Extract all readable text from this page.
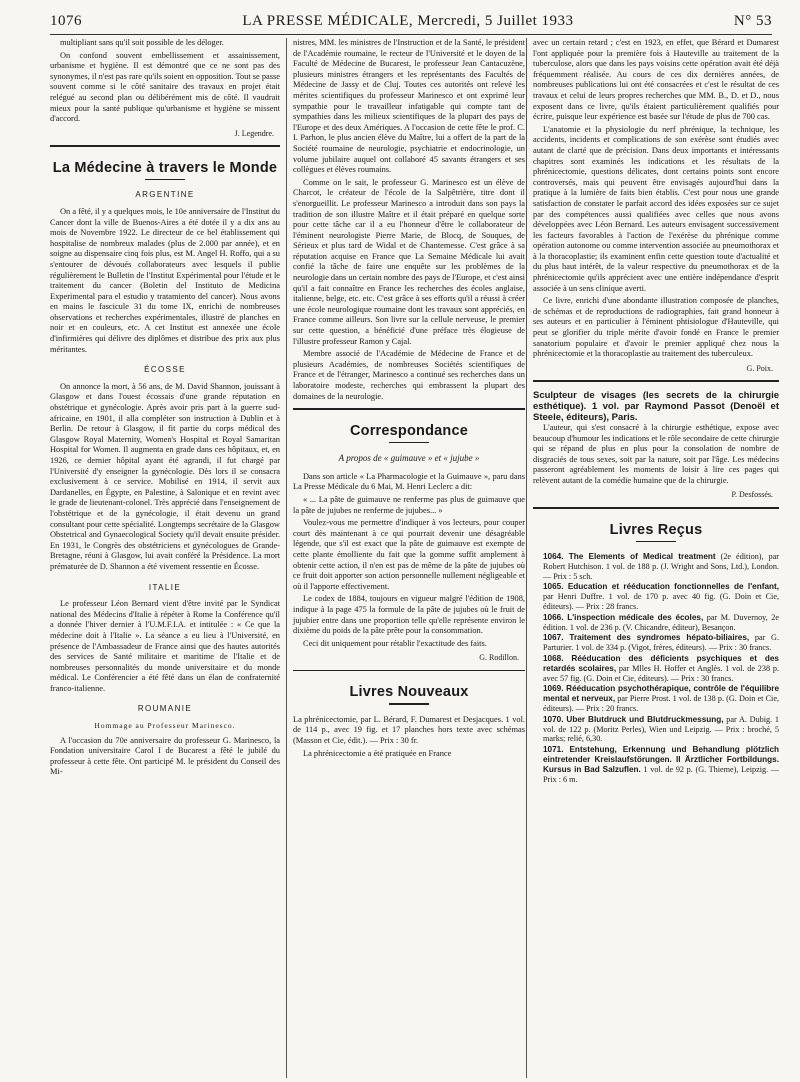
1076	LA PRESSE MÉDICALE, Mercredi, 5 Juillet 1933	N° 53

multipliant sans qu'il soit possible de les déloger.

On confond souvent embellissement et assainissement, urbanisme et hygiène. Il est démontré que ce ne sont pas des synonymes, il n'est pas rare qu'ils soient en opposition. Tout se passe souvent comme si le côté sanitaire des travaux en projet était relégué au second plan ou délibérément mis de côté. Il vaudrait mieux pour la santé publique qu'urbanisme et hygiène se missent d'accord.

J. Legendre.
La Médecine à travers le Monde
ARGENTINE

On a fêté, il y a quelques mois, le 10e anniversaire de l'Institut du Cancer dont la ville de Buenos-Aires a été dotée il y a dix ans au mois de Novembre 1922. Le directeur de ce bel établissement qui hospitalise de nombreux malades (plus de 2.000 par année), et en soigne au dispensaire cinq fois plus, est M. Angel H. Roffo, qui a su s'entourer de dévoués collaborateurs avec lesquels il publie régulièrement le Bulletin de l'Institut Expérimental pour l'étude et le traitement du cancer (Boletin del Instituto de Medicina Experimental para el estudio y tratamiento del cancer). Nous avons en mains le fascicule 31 du tome IX, enrichi de nombreuses observations et recherches expérimentales, illustré de planches en noir et en couleurs, etc. A cet Institut est annexée une école d'infirmières qui délivre des diplômes et distribue des prix aux plus méritantes.

ÉCOSSE

On annonce la mort, à 56 ans, de M. David Shannon, jouissant à Glasgow et dans l'ouest écossais d'une grande réputation en obstétrique et gynécologie. Après avoir pris part à la guerre sud-africaine, en 1901, il alla compléter son instruction à Dublin et à Berlin. De retour à Glasgow, il fit partie du corps médical des Glasgow Royal Maternity, Women's Hospital et Royal Samaritan Hospital for Women. Il augmenta en grade dans ces hôpitaux, et, en 1926, ce dernier hôpital ayant été agrandi, il fut chargé par l'Université d'y enseigner la gynécologie. Dès lors il se consacra exclusivement à ce service. Mobilisé en 1914, il servit aux Dardanelles, en Égypte, en Palestine, à Salonique et en revint avec le grade de lieutenant-colonel. Très apprécié dans l'enseignement de l'obstétrique et de la gynécologie, il était devenu un grand consultant pour cette spécialité. Longtemps secrétaire de la Glasgow Obstetrical and Gynaecological Society qu'il devait ensuite présider. En 1931, le Congrès des obstétriciens et gynécologues de Grande-Bretagne, réuni à Glasgow, lui avait conféré la Présidence. La mort prématurée de D. Shannon a été vivement ressentie en Écosse.

ITALIE

Le professeur Léon Bernard vient d'être invité par le Syndicat national des Médecins d'Italie à répéter à Rome la Conférence qu'il a donnée l'hiver dernier à l'U.M.F.I.A. et intitulée : « Ce que la médecine doit à l'Italie ». La séance a eu lieu à l'Université, en présence de l'Ambassadeur de France ainsi que des hautes autorités des services de Santé militaire et maritime de l'Italie et de nombreuses personnalités du monde universitaire et du monde médical. Le Conférencier a été fêté dans un élan de confraternité franco-italienne.

ROUMANIE
Hommage au Professeur Marinesco.

A l'occasion du 70e anniversaire du professeur G. Marinesco, la Fondation universitaire Carol I de Bucarest a fêté le jubilé du professeur à cette fête. Ont participé M. le président du Conseil des Mi-

nistres, MM. les ministres de l'Instruction et de la Santé, le président de l'Académie roumaine, le recteur de l'Université et le doyen de la Faculté de Médecine de Bucarest, le professeur Jean Cantacuzène, plusieurs ministres étrangers et les représentants des Facultés de Médecine de Jassy et de Cluj. Toutes ces autorités ont relevé les mérites scientifiques du professeur Marinesco et ont exprimé leur sympathie pour le travailleur infatigable qui compte tant de sympathies dans les milieux scientifiques de la plupart des pays de l'Europe et des deux Amériques. A l'occasion de cette fête le prof. C. I. Parhon, le plus ancien élève du Maître, lui a offert de la part de la Société roumaine de neurologie, psychiatrie et endocrinologie, un volume jubilaire auquel ont collaboré 45 savants étrangers et ses collègues et élèves roumains.

Comme on le sait, le professeur G. Marinesco est un élève de Charcot, le créateur de l'école de la Salpêtrière, titre dont il s'enorgueillit. Le professeur Marinesco a introduit dans son pays la tradition de son illustre Maître et il était préparé en quelque sorte pour cette tâche car il a eu l'honneur d'être le collaborateur de l'éminent neurologiste Pierre Marie, de Blocq, de Souques, de Sérieux et plus tard de Widal et de Chantemesse. C'est grâce à sa réputation acquise en France que La Semaine Médicale lui avait confié la tâche de faire une enquête sur les problèmes de la neurologie dans un certain nombre des pays de l'Europe, et c'est ainsi qu'il a fait connaître en France les recherches des écoles anglaise, italienne, belge, etc. etc. C'est grâce à ses efforts qu'il a réussi à créer une école neurologique roumaine dont les travaux sont appréciés, en France comme ailleurs. Son livre sur la cellule nerveuse, le premier sur cette question, a bénéficié d'une préface très élogieuse de l'illustre professeur Ramon y Cajal.

Membre associé de l'Académie de Médecine de France et de plusieurs Académies, de nombreuses Sociétés scientifiques de France et de l'étranger, Marinesco a continué ses recherches dans un laboratoire modeste, recherches qui embrassent la plupart des domaines de la neurologie.

Correspondance
A propos de « guimauve » et « jujube »

Dans son article « La Pharmacologie et la Guimauve », paru dans La Presse Médicale du 6 Mai, M. Henri Leclerc a dit:

« ... La pâte de guimauve ne renferme pas plus de guimauve que la pâte de jujubes ne renferme de jujubes... »

Voulez-vous me permettre d'indiquer à vos lecteurs, pour couper court dès maintenant à ce qui pourrait devenir une désagréable légende, que s'il est exact que la pâte de guimauve est exempte de cette plante émolliente du fait que la gomme suffit amplement à obtenir cette action, il n'en est pas de même de la pâte de jujubes où ce fruit doit apporter son action personnelle nullement négligeable et où il l'apporte effectivement.

Le codex de 1884, toujours en vigueur malgré l'édition de 1908, indique à la page 475 la formule de la pâte de jujubes où le fruit de jujubier entre dans une proportion telle qu'elle représente environ le dixième du poids de la pâte prête pour la consommation.

Ceci dit uniquement pour rétablir l'exactitude des faits.

G. Rodillon.
Livres Nouveaux

La phrénicectomie, par L. Bérard, F. Dumarest et Desjacques. 1 vol. de 114 p., avec 19 fig. et 17 planches hors texte avec schémas (Masson et Cie, édit.). — Prix : 30 fr.

La phrénicectomie a été pratiquée en France

avec un certain retard ; c'est en 1923, en effet, que Bérard et Dumarest l'ont appliquée pour la première fois à Hauteville au traitement de la tuberculose, alors que dans les pays voisins cette opération avait été déjà fréquemment réalisée. Au cours de ces dix dernières années, de nombreuses publications lui ont été consacrées et c'est le résultat de ces travaux et celui de leurs propres recherches que MM. B., D. et D., nous exposent dans ce livre, qu'ils étaient particulièrement qualifiés pour écrire, puisque leur expérience est basée sur l'étude de plus de 700 cas.

L'anatomie et la physiologie du nerf phrénique, la technique, les accidents, incidents et complications de son exérèse sont étudiés avec autant de clarté que de précision. Dans deux importants et intéressants chapitres sont examinés les indications et les résultats de la phrénicectomie, questions délicates, dont certains points sont encore controversés, mais qui peuvent être envisagés aujourd'hui dans la pratique à la lumière de faits bien établis. C'est pour nous une grande satisfaction de constater le parfait accord des idées exposées sur ce sujet par des compétences aussi qualifiées avec celles que nous avons développées avec Léon Bernard. Les auteurs envisagent successivement les facteurs favorables à l'action de l'exérèse du phrénique comme opération autonome ou comme intervention associée au pneumothorax et à la thoracoplastie; ils examinent enfin cette question toute d'actualité et du plus haut intérêt, de la valeur respective du pneumothorax et de la phrénicectomie qu'ils apprécient avec une entière indépendance d'esprit associée à un sens clinique averti.

Ce livre, enrichi d'une abondante illustration composée de planches, de schémas et de reproductions de radiographies, fait grand honneur à ses auteurs et en particulier à l'éminent phtisiologue d'Hauteville, qui peut se glorifier du triple mérite d'avoir fondé en France le premier sanatorium populaire et d'avoir le premier appliqué chez nous la phrénicectomie et la thoracoplastie au traitement des tuberculeux.

G. Poix.
Sculpteur de visages (les secrets de la chirurgie esthétique). 1 vol. par Raymond Passot (Denoël et Steele, éditeurs), Paris.

L'auteur, qui s'est consacré à la chirurgie esthétique, expose avec beaucoup d'humour les indications et le rôle secondaire de cette chirurgie qui se répand de plus en plus pour la consolation de nombre de disgraciés de tous sexes, soit par la nature, soit par l'âge. Les médecins passeront agréablement les moments de loisir à lire ces pages qui relèvent autant de la comédie humaine que de la chirurgie.

P. Desfossés.
Livres Reçus
1064. The Elements of Medical treatment (2e édition), par Robert Hutchison. 1 vol. de 188 p. (J. Wright and Sons, Ltd.), London. — Prix : 5 sch.
1065. Education et rééducation fonctionnelles de l'enfant, par Henri Duffre. 1 vol. de 170 p. avec 40 fig. (G. Doin et Cie, éditeurs). — Prix : 28 francs.
1066. L'inspection médicale des écoles, par M. Duvernoy, 2e édition. 1 vol. de 236 p. (V. Chicandre, éditeur), Besançon.
1067. Traitement des syndromes hépato-biliaires, par G. Parturier. 1 vol. de 334 p. (Vigot, frères, éditeurs). — Prix : 30 francs.
1068. Rééducation des déficients psychiques et des retardés scolaires, par Mlles H. Hoffer et Anglès. 1 vol. de 238 p. avec 57 fig. (G. Doin et Cie, éditeurs). — Prix : 30 francs.
1069. Rééducation psychothérapique, contrôle de l'équilibre mental et nerveux, par Pierre Prost. 1 vol. de 138 p. (G. Doin et Cie, éditeurs). — Prix : 20 francs.
1070. Uber Blutdruck und Blutdruckmessung, par A. Dubig. 1 vol. de 122 p. (Moritz Perles), Wien und Leipzig. — Prix : broché, 5 marks; relié, 6,30.
1071. Entstehung, Erkennung und Behandlung plötzlich eintretender Kreislaufstörungen. II Ärztlicher Fortbildungs. Kursus in Bad Salzuflen. 1 vol. de 92 p. (G. Thieme), Leipzig. — Prix : 6 m.
